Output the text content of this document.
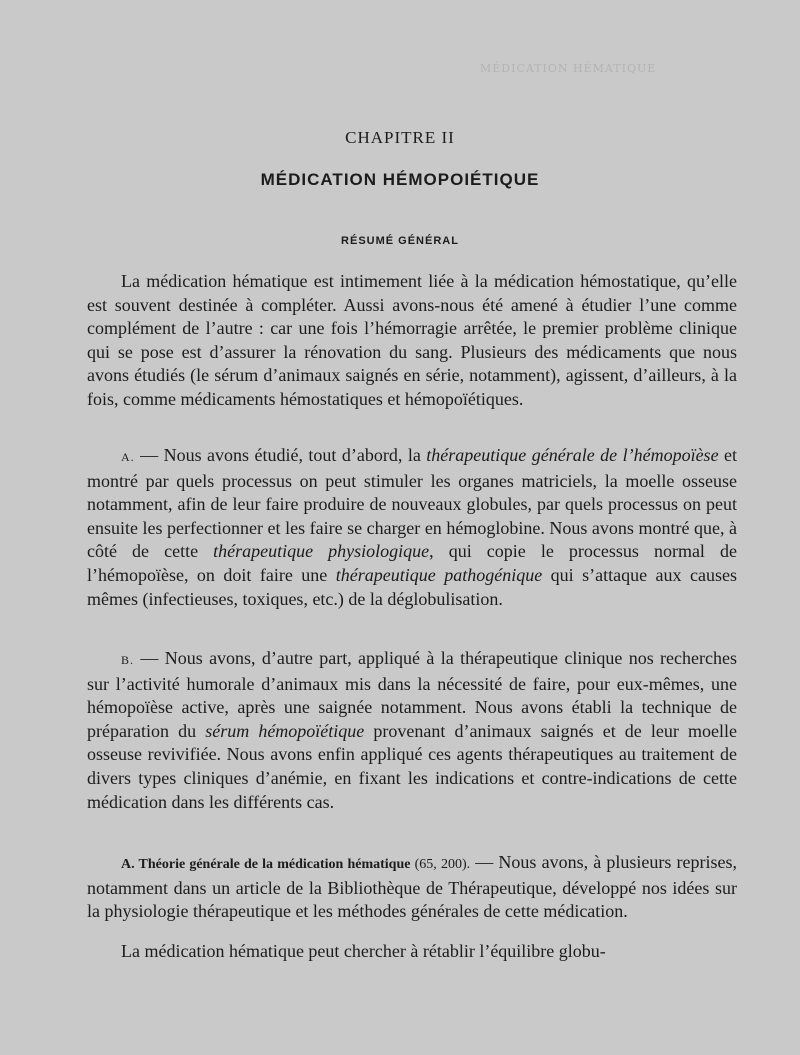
MÉDICATION HÉMATIQUE
CHAPITRE II
MÉDICATION HÉMOPOIÉTIQUE
RÉSUMÉ GÉNÉRAL

La médication hématique est intimement liée à la médication hémostatique, qu’elle est souvent destinée à compléter. Aussi avons-nous été amené à étudier l’une comme complément de l’autre : car une fois l’hémorragie arrêtée, le premier problème clinique qui se pose est d’assurer la rénovation du sang. Plusieurs des médicaments que nous avons étudiés (le sérum d’animaux saignés en série, notamment), agissent, d’ailleurs, à la fois, comme médicaments hémostatiques et hémopoïétiques.

A. — Nous avons étudié, tout d’abord, la thérapeutique générale de l’hémopoïèse et montré par quels processus on peut stimuler les organes matriciels, la moelle osseuse notamment, afin de leur faire produire de nouveaux globules, par quels processus on peut ensuite les perfectionner et les faire se charger en hémoglobine. Nous avons montré que, à côté de cette thérapeutique physiologique, qui copie le processus normal de l’hémopoïèse, on doit faire une thérapeutique pathogénique qui s’attaque aux causes mêmes (infectieuses, toxiques, etc.) de la déglobulisation.

B. — Nous avons, d’autre part, appliqué à la thérapeutique clinique nos recherches sur l’activité humorale d’animaux mis dans la nécessité de faire, pour eux-mêmes, une hémopoïèse active, après une saignée notamment. Nous avons établi la technique de préparation du sérum hémopoïétique provenant d’animaux saignés et de leur moelle osseuse revivifiée. Nous avons enfin appliqué ces agents thérapeutiques au traitement de divers types cliniques d’anémie, en fixant les indications et contre-indications de cette médication dans les différents cas.

A. Théorie générale de la médication hématique (65, 200). — Nous avons, à plusieurs reprises, notamment dans un article de la Bibliothèque de Thérapeutique, développé nos idées sur la physiologie thérapeutique et les méthodes générales de cette médication.

La médication hématique peut chercher à rétablir l’équilibre globu-
